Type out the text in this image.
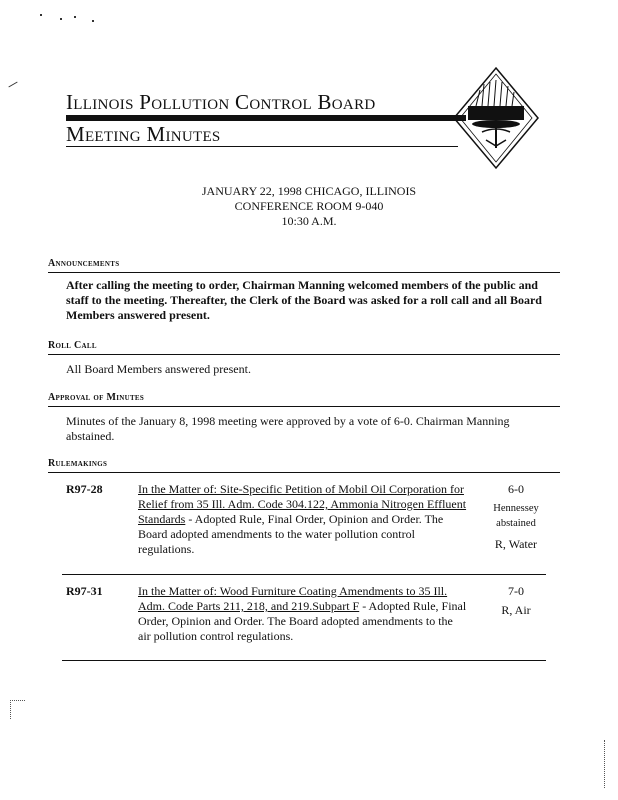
Illinois Pollution Control Board
Meeting Minutes
JANUARY 22, 1998 CHICAGO, ILLINOIS
CONFERENCE ROOM 9-040
10:30 A.M.
Announcements
After calling the meeting to order, Chairman Manning welcomed members of the public and staff to the meeting. Thereafter, the Clerk of the Board was asked for a roll call and all Board Members answered present.
Roll Call
All Board Members answered present.
Approval of Minutes
Minutes of the January 8, 1998 meeting were approved by a vote of 6-0. Chairman Manning abstained.
Rulemakings
R97-28	In the Matter of: Site-Specific Petition of Mobil Oil Corporation for Relief from 35 Ill. Adm. Code 304.122, Ammonia Nitrogen Effluent Standards - Adopted Rule, Final Order, Opinion and Order. The Board adopted amendments to the water pollution control regulations.
6-0
Hennessey abstained
R, Water
R97-31	In the Matter of: Wood Furniture Coating Amendments to 35 Ill. Adm. Code Parts 211, 218, and 219.Subpart F - Adopted Rule, Final Order, Opinion and Order. The Board adopted amendments to the air pollution control regulations.
7-0
R, Air
